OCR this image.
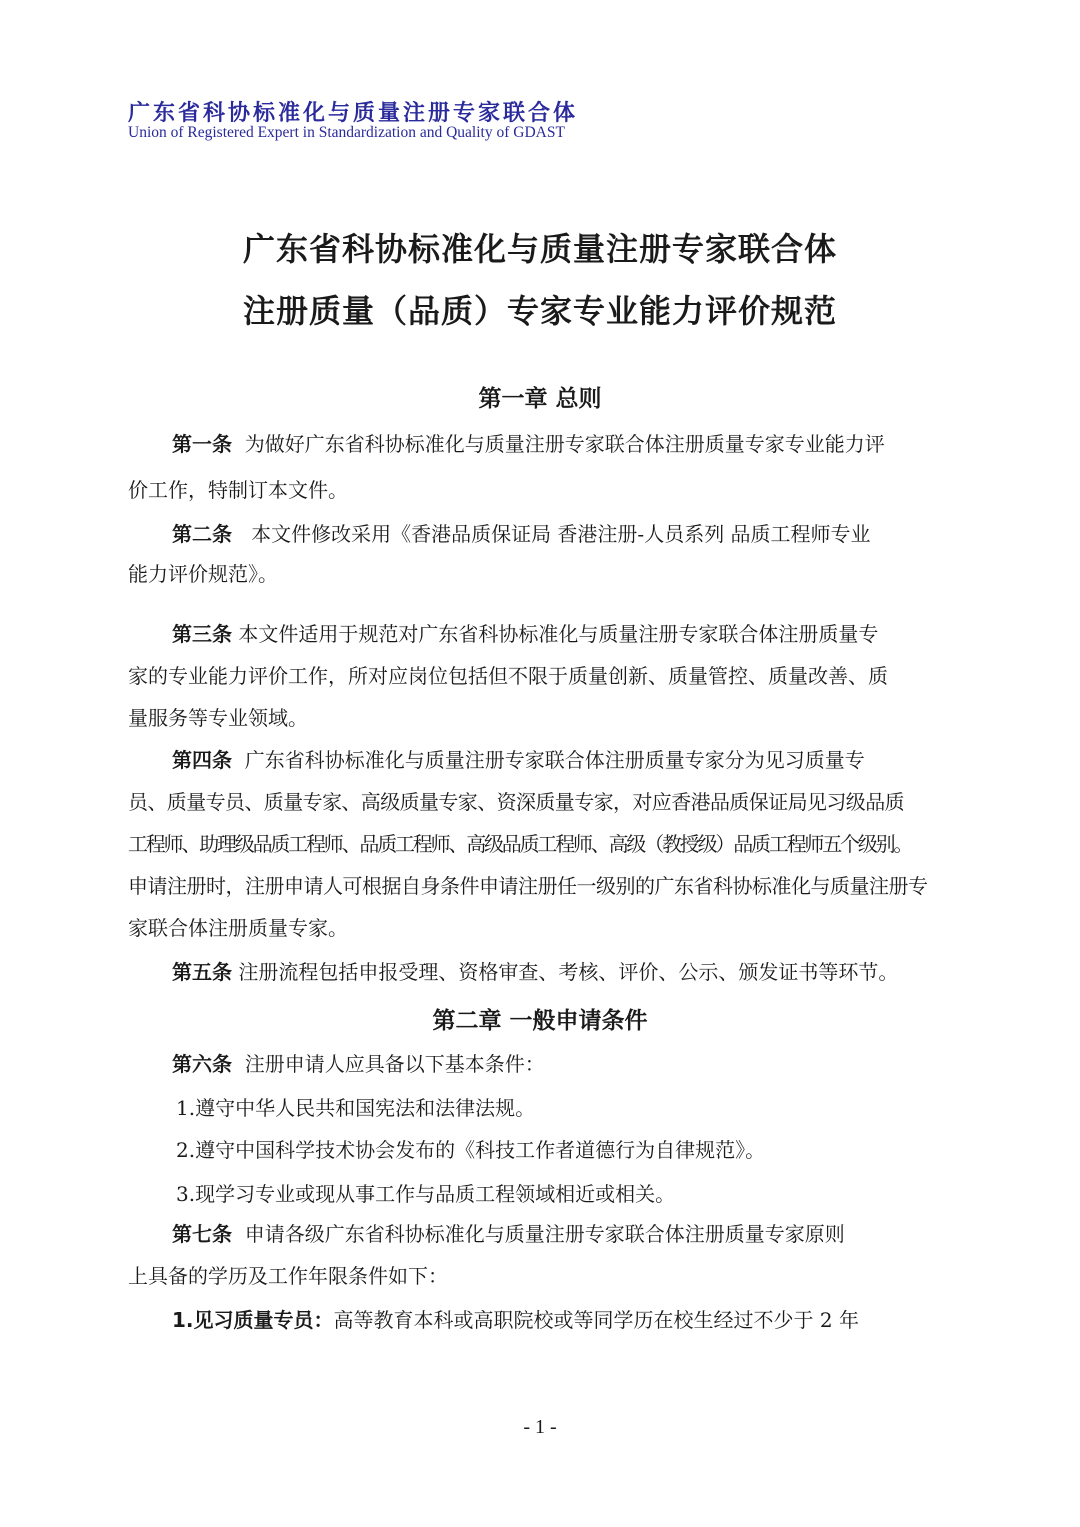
广东省科协标准化与质量注册专家联合体
Union of Registered Expert in Standardization and Quality of GDAST
广东省科协标准化与质量注册专家联合体
注册质量（品质）专家专业能力评价规范
第一章 总则
第一条 为做好广东省科协标准化与质量注册专家联合体注册质量专家专业能力评
价工作，特制订本文件。
第二条 本文件修改采用《香港品质保证局 香港注册-人员系列 品质工程师专业
能力评价规范》。
第三条 本文件适用于规范对广东省科协标准化与质量注册专家联合体注册质量专
家的专业能力评价工作，所对应岗位包括但不限于质量创新、质量管控、质量改善、质
量服务等专业领域。
第四条 广东省科协标准化与质量注册专家联合体注册质量专家分为见习质量专
员、质量专员、质量专家、高级质量专家、资深质量专家，对应香港品质保证局见习级品质
工程师、助理级品质工程师、品质工程师、高级品质工程师、高级（教授级）品质工程师五个级别。
申请注册时，注册申请人可根据自身条件申请注册任一级别的广东省科协标准化与质量注册专
家联合体注册质量专家。
第五条 注册流程包括申报受理、资格审查、考核、评价、公示、颁发证书等环节。
第二章 一般申请条件
第六条 注册申请人应具备以下基本条件：
1.遵守中华人民共和国宪法和法律法规。
2.遵守中国科学技术协会发布的《科技工作者道德行为自律规范》。
3.现学习专业或现从事工作与品质工程领域相近或相关。
第七条 申请各级广东省科协标准化与质量注册专家联合体注册质量专家原则
上具备的学历及工作年限条件如下：
1.见习质量专员：高等教育本科或高职院校或等同学历在校生经过不少于 2 年
- 1 -
